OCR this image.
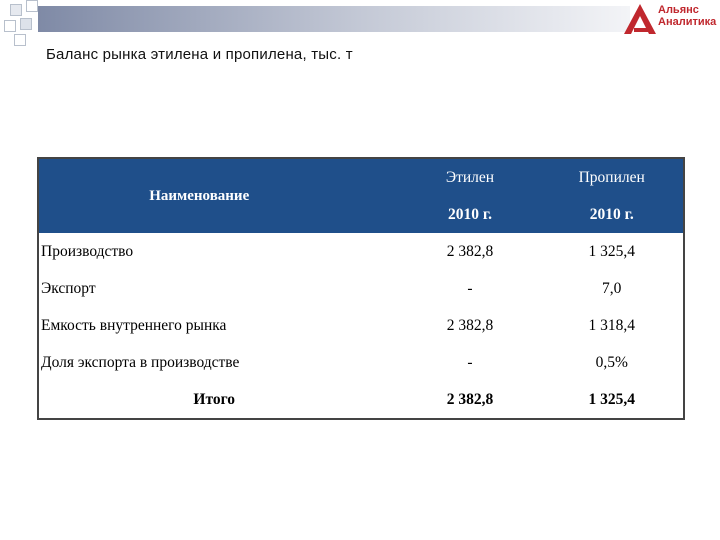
Альянс
Аналитика
Баланс рынка этилена и пропилена, тыс. т
Наименование	Этилен	Пропилен
	2010 г.	2010 г.
Производство	2 382,8	1 325,4
Экспорт	-	7,0
Емкость внутреннего рынка	2 382,8	1 318,4
Доля экспорта в производстве	-	0,5%
Итого	2 382,8	1 325,4
